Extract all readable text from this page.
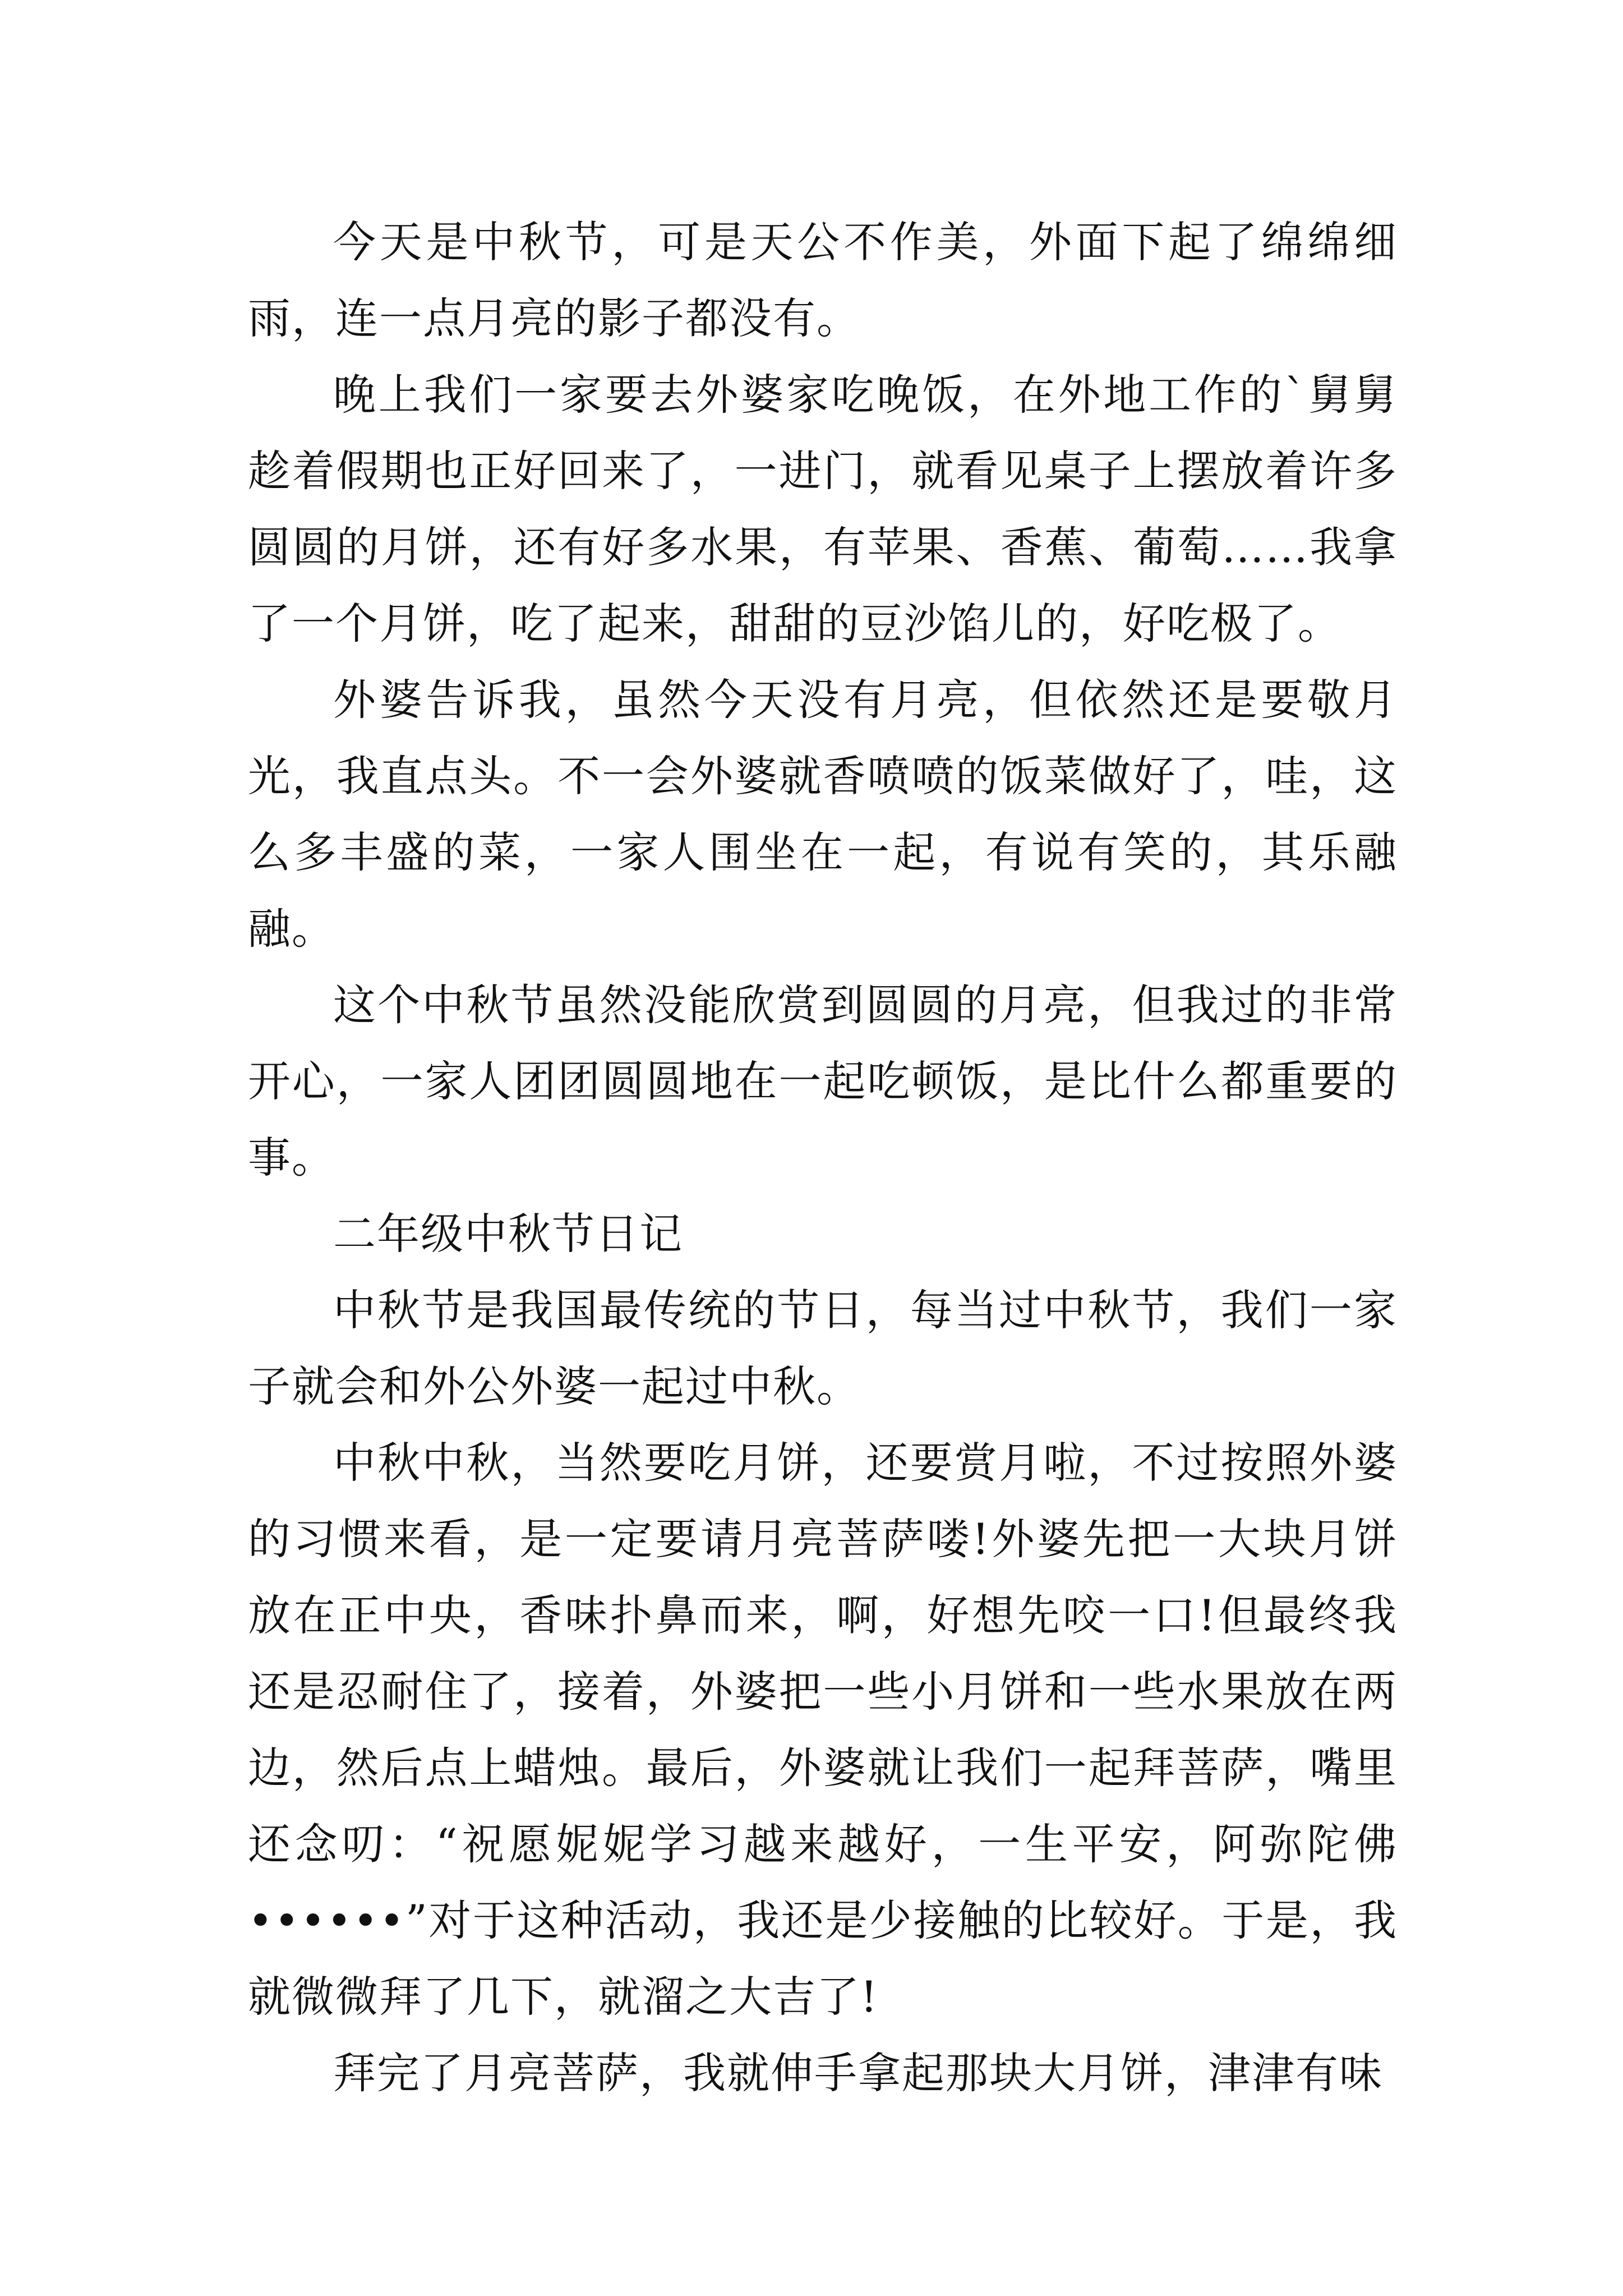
今天是中秋节，可是天公不作美，外面下起了绵绵细雨，连一点月亮的影子都没有。

晚上我们一家要去外婆家吃晚饭，在外地工作的`舅舅趁着假期也正好回来了，一进门，就看见桌子上摆放着许多圆圆的月饼，还有好多水果，有苹果、香蕉、葡萄……我拿了一个月饼，吃了起来，甜甜的豆沙馅儿的，好吃极了。

外婆告诉我，虽然今天没有月亮，但依然还是要敬月光，我直点头。不一会外婆就香喷喷的饭菜做好了，哇，这么多丰盛的菜，一家人围坐在一起，有说有笑的，其乐融融。

这个中秋节虽然没能欣赏到圆圆的月亮，但我过的非常开心，一家人团团圆圆地在一起吃顿饭，是比什么都重要的事。

二年级中秋节日记

中秋节是我国最传统的节日，每当过中秋节，我们一家子就会和外公外婆一起过中秋。

中秋中秋，当然要吃月饼，还要赏月啦，不过按照外婆的习惯来看，是一定要请月亮菩萨喽!外婆先把一大块月饼放在正中央，香味扑鼻而来，啊，好想先咬一口!但最终我还是忍耐住了，接着，外婆把一些小月饼和一些水果放在两边，然后点上蜡烛。最后，外婆就让我们一起拜菩萨，嘴里还念叨：“祝愿妮妮学习越来越好，一生平安，阿弥陀佛••••••”对于这种活动，我还是少接触的比较好。于是，我就微微拜了几下，就溜之大吉了!

拜完了月亮菩萨，我就伸手拿起那块大月饼，津津有味
